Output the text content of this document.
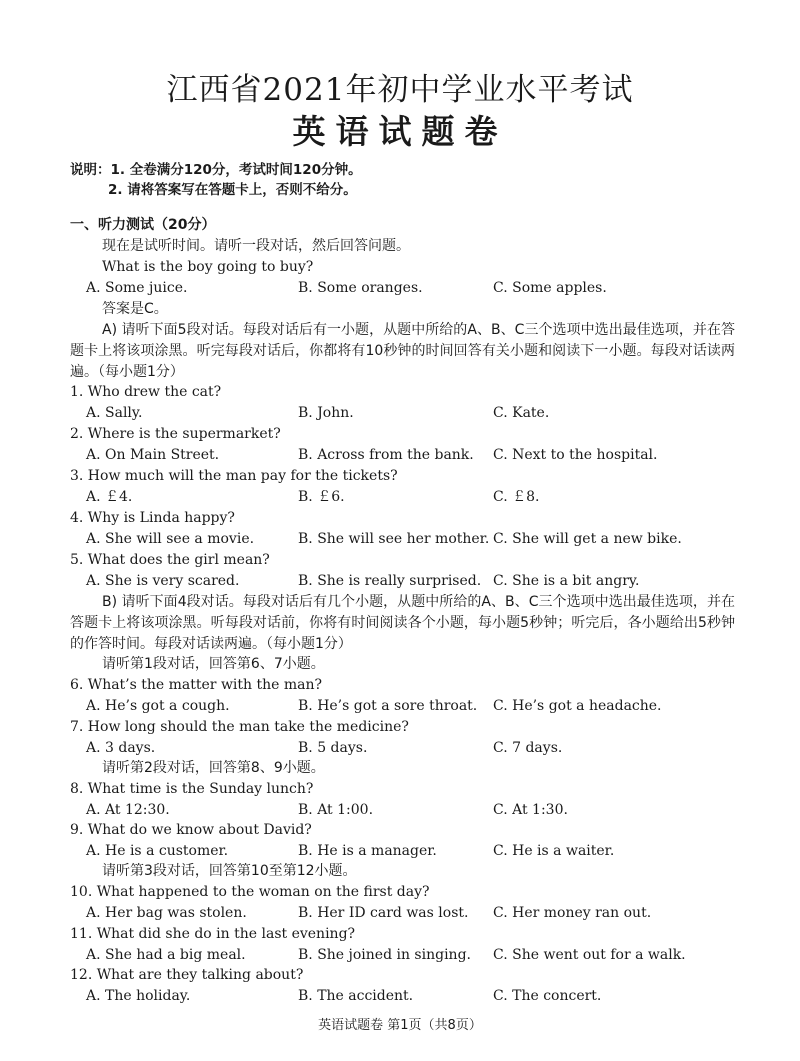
江西省2021年初中学业水平考试
英语试题卷
说明：1. 全卷满分120分，考试时间120分钟。
2. 请将答案写在答题卡上，否则不给分。
一、听力测试（20分）
现在是试听时间。请听一段对话，然后回答问题。
What is the boy going to buy?
A. Some juice.	B. Some oranges.	C. Some apples.
答案是C。
A) 请听下面5段对话。每段对话后有一小题，从题中所给的A、B、C三个选项中选出最佳选项，并在答题卡上将该项涂黑。听完每段对话后，你都将有10秒钟的时间回答有关小题和阅读下一小题。每段对话读两遍。（每小题1分）
1. Who drew the cat?
A. Sally.	B. John.	C. Kate.
2. Where is the supermarket?
A. On Main Street.	B. Across from the bank. C. Next to the hospital.
3. How much will the man pay for the tickets?
A. ￡4.	B. ￡6.	C. ￡8.
4. Why is Linda happy?
A. She will see a movie.	B. She will see her mother. C. She will get a new bike.
5. What does the girl mean?
A. She is very scared.	B. She is really surprised. C. She is a bit angry.
B) 请听下面4段对话。每段对话后有几个小题，从题中所给的A、B、C三个选项中选出最佳选项，并在答题卡上将该项涂黑。听每段对话前，你将有时间阅读各个小题，每小题5秒钟；听完后，各小题给出5秒钟的作答时间。每段对话读两遍。（每小题1分）
请听第1段对话，回答第6、7小题。
6. What’s the matter with the man?
A. He’s got a cough.	B. He’s got a sore throat. C. He’s got a headache.
7. How long should the man take the medicine?
A. 3 days.	B. 5 days.	C. 7 days.
请听第2段对话，回答第8、9小题。
8. What time is the Sunday lunch?
A. At 12:30.	B. At 1:00.	C. At 1:30.
9. What do we know about David?
A. He is a customer.	B. He is a manager.	C. He is a waiter.
请听第3段对话，回答第10至第12小题。
10. What happened to the woman on the first day?
A. Her bag was stolen.	B. Her ID card was lost. C. Her money ran out.
11. What did she do in the last evening?
A. She had a big meal.	B. She joined in singing. C. She went out for a walk.
12. What are they talking about?
A. The holiday.	B. The accident.	C. The concert.
英语试题卷 第1页（共8页）
